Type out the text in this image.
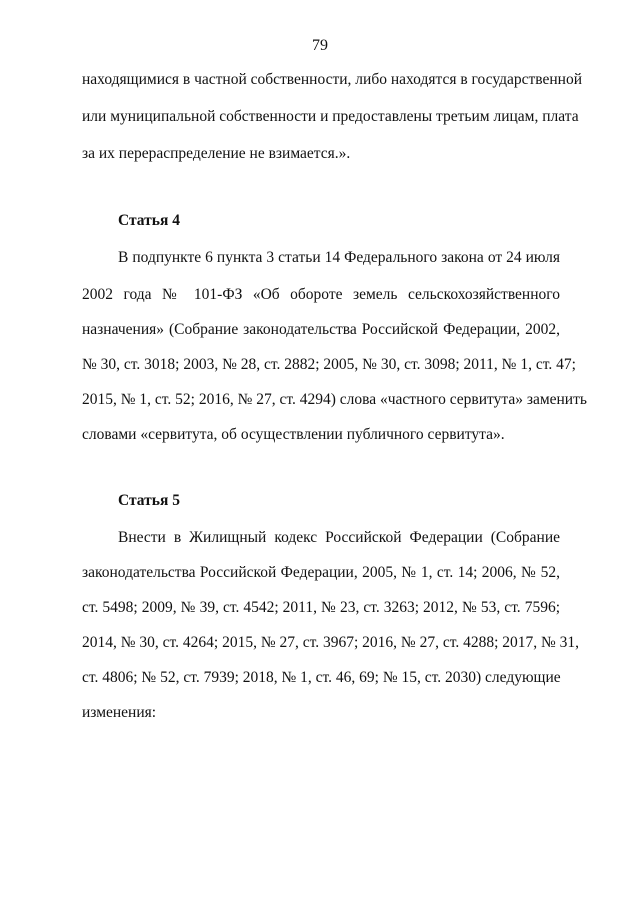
79
находящимися в частной собственности, либо находятся в государственной
или муниципальной собственности и предоставлены третьим лицам, плата
за их перераспределение не взимается.».
Статья 4
В подпункте 6 пункта 3 статьи 14 Федерального закона от 24 июля
2002 года № 101-ФЗ «Об обороте земель сельскохозяйственного
назначения» (Собрание законодательства Российской Федерации, 2002,
№ 30, ст. 3018; 2003, № 28, ст. 2882; 2005, № 30, ст. 3098; 2011, № 1, ст. 47;
2015, № 1, ст. 52; 2016, № 27, ст. 4294) слова «частного сервитута» заменить
словами «сервитута, об осуществлении публичного сервитута».
Статья 5
Внести в Жилищный кодекс Российской Федерации (Собрание
законодательства Российской Федерации, 2005, № 1, ст. 14; 2006, № 52,
ст. 5498; 2009, № 39, ст. 4542; 2011, № 23, ст. 3263; 2012, № 53, ст. 7596;
2014, № 30, ст. 4264; 2015, № 27, ст. 3967; 2016, № 27, ст. 4288; 2017, № 31,
ст. 4806; № 52, ст. 7939; 2018, № 1, ст. 46, 69; № 15, ст. 2030) следующие
изменения:
